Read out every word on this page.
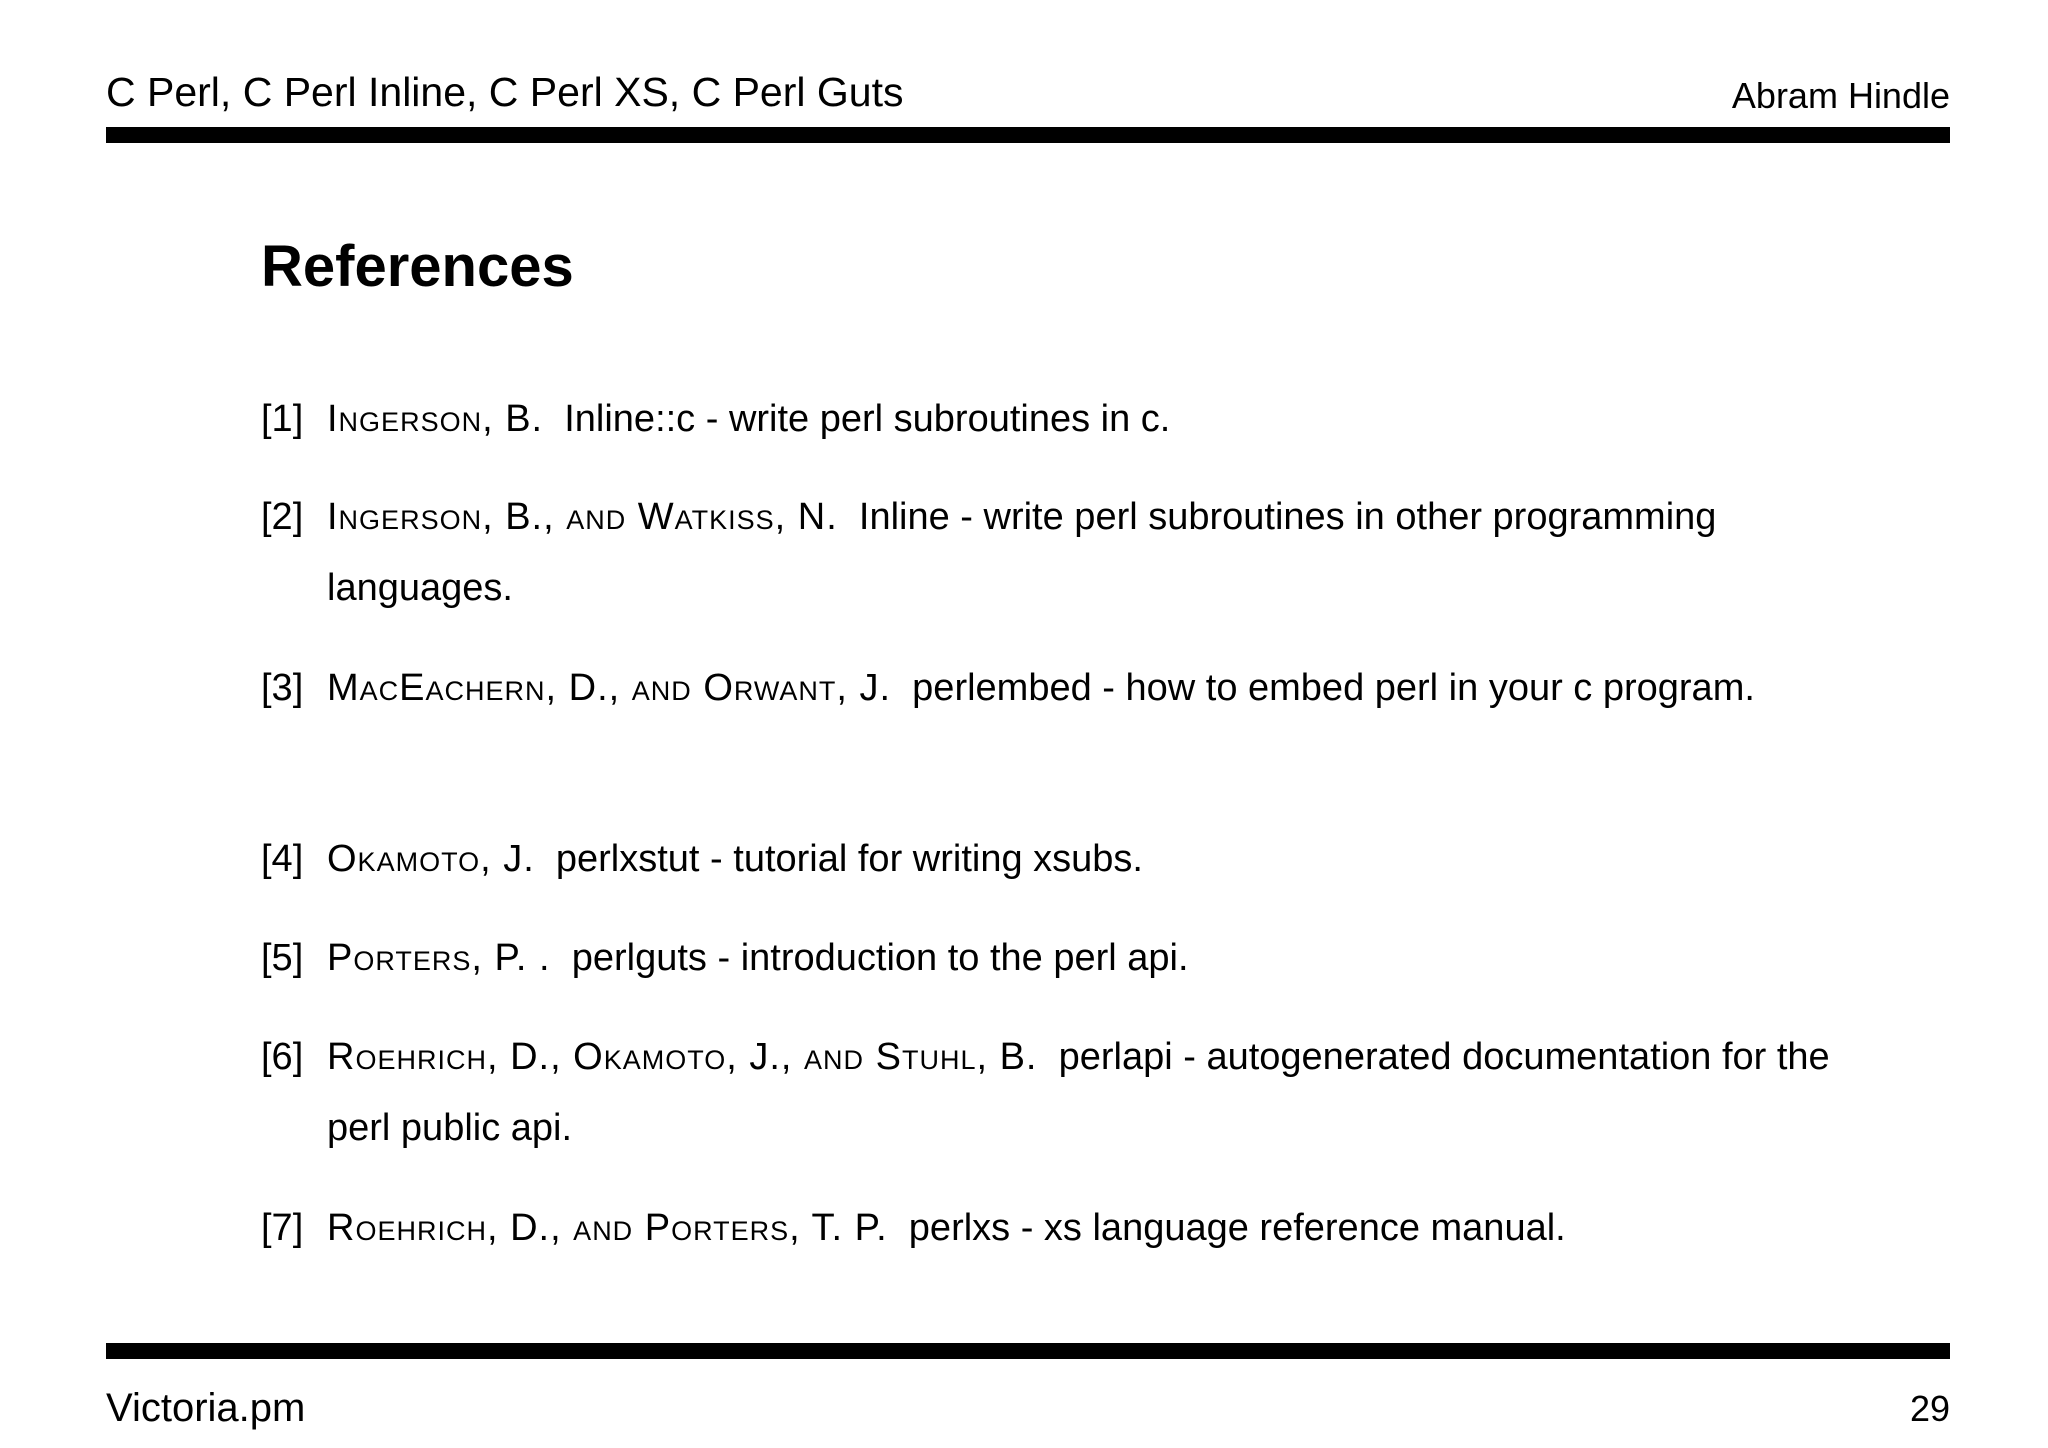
C Perl, C Perl Inline, C Perl XS, C Perl Guts	Abram Hindle
References
[1] Ingerson, B. Inline::c - write perl subroutines in c.
[2] Ingerson, B., and Watkiss, N. Inline - write perl subroutines in other programming languages.
[3] MacEachern, D., and Orwant, J. perlembed - how to embed perl in your c program.
[4] Okamoto, J. perlxstut - tutorial for writing xsubs.
[5] Porters, P. . perlguts - introduction to the perl api.
[6] Roehrich, D., Okamoto, J., and Stuhl, B. perlapi - autogenerated documentation for the perl public api.
[7] Roehrich, D., and Porters, T. P. perlxs - xs language reference manual.
Victoria.pm	29
